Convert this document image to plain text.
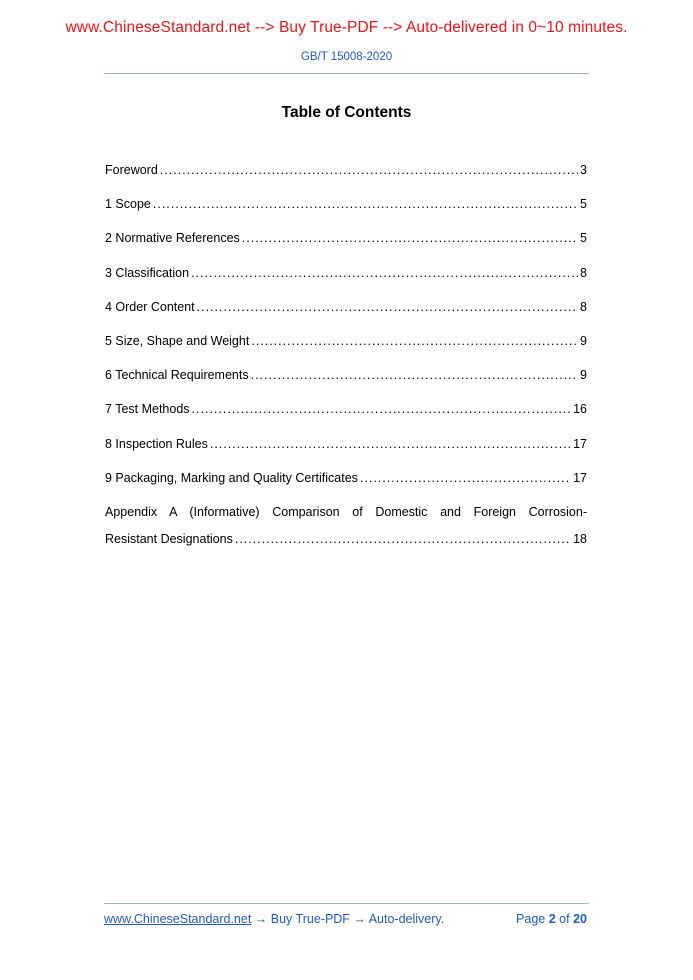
www.ChineseStandard.net --> Buy True-PDF --> Auto-delivered in 0~10 minutes.
GB/T 15008-2020
Table of Contents
Foreword .....	3
1 Scope .....	5
2 Normative References .....	5
3 Classification .....	8
4 Order Content .....	8
5 Size, Shape and Weight .....	9
6 Technical Requirements .....	9
7 Test Methods .....	16
8 Inspection Rules .....	17
9 Packaging, Marking and Quality Certificates .....	17
Appendix A (Informative) Comparison of Domestic and Foreign Corrosion-
Resistant Designations .....	18
www.ChineseStandard.net → Buy True-PDF → Auto-delivery.	Page 2 of 20
